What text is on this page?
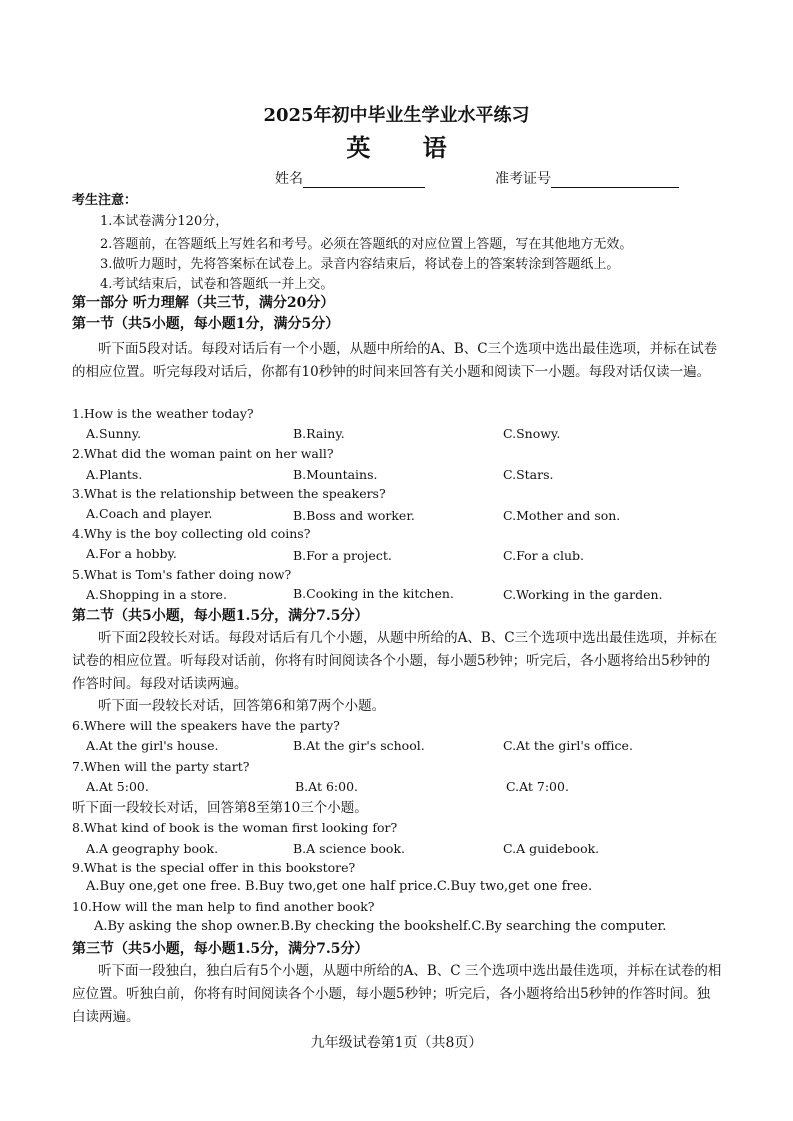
2025年初中毕业生学业水平练习
英 语
姓名	准考证号
考生注意：
1.本试卷满分120分，
2.答题前，在答题纸上写姓名和考号。必须在答题纸的对应位置上答题，写在其他地方无效。
3.做听力题时，先将答案标在试卷上。录音内容结束后，将试卷上的答案转涂到答题纸上。
4.考试结束后，试卷和答题纸一并上交。
第一部分 听力理解（共三节，满分20分）
第一节（共5小题，每小题1分，满分5分）
听下面5段对话。每段对话后有一个小题，从题中所给的A、B、C三个选项中选出最佳选项，并标在试卷的相应位置。听完每段对话后，你都有10秒钟的时间来回答有关小题和阅读下一小题。每段对话仅读一遍。
1.How is the weather today?
A.Sunny.	B.Rainy.	C.Snowy.
2.What did the woman paint on her wall?
A.Plants.	B.Mountains.	C.Stars.
3.What is the relationship between the speakers?
A.Coach and player.	B.Boss and worker.	C.Mother and son.
4.Why is the boy collecting old coins?
A.For a hobby.	B.For a project.	C.For a club.
5.What is Tom's father doing now?
A.Shopping in a store.	B.Cooking in the kitchen.	C.Working in the garden.
第二节（共5小题，每小题1.5分，满分7.5分）
听下面2段较长对话。每段对话后有几个小题，从题中所给的A、B、C三个选项中选出最佳选项，并标在试卷的相应位置。听每段对话前，你将有时间阅读各个小题，每小题5秒钟；听完后，各小题将给出5秒钟的作答时间。每段对话读两遍。
听下面一段较长对话，回答第6和第7两个小题。
6.Where will the speakers have the party?
A.At the girl's house.	B.At the gir's school.	C.At the girl's office.
7.When will the party start?
A.At 5:00.	B.At 6:00.	C.At 7:00.
听下面一段较长对话，回答第8至第10三个小题。
8.What kind of book is the woman first looking for?
A.A geography book.	B.A science book.	C.A guidebook.
9.What is the special offer in this bookstore?
A.Buy one,get one free. B.Buy two,get one half price.C.Buy two,get one free.
10.How will the man help to find another book?
A.By asking the shop owner.B.By checking the bookshelf.C.By searching the computer.
第三节（共5小题，每小题1.5分，满分7.5分）
听下面一段独白，独白后有5个小题，从题中所给的A、B、C 三个选项中选出最佳选项，并标在试卷的相应位置。听独白前，你将有时间阅读各个小题，每小题5秒钟；听完后，各小题将给出5秒钟的作答时间。独白读两遍。
九年级试卷第1页（共8页）
